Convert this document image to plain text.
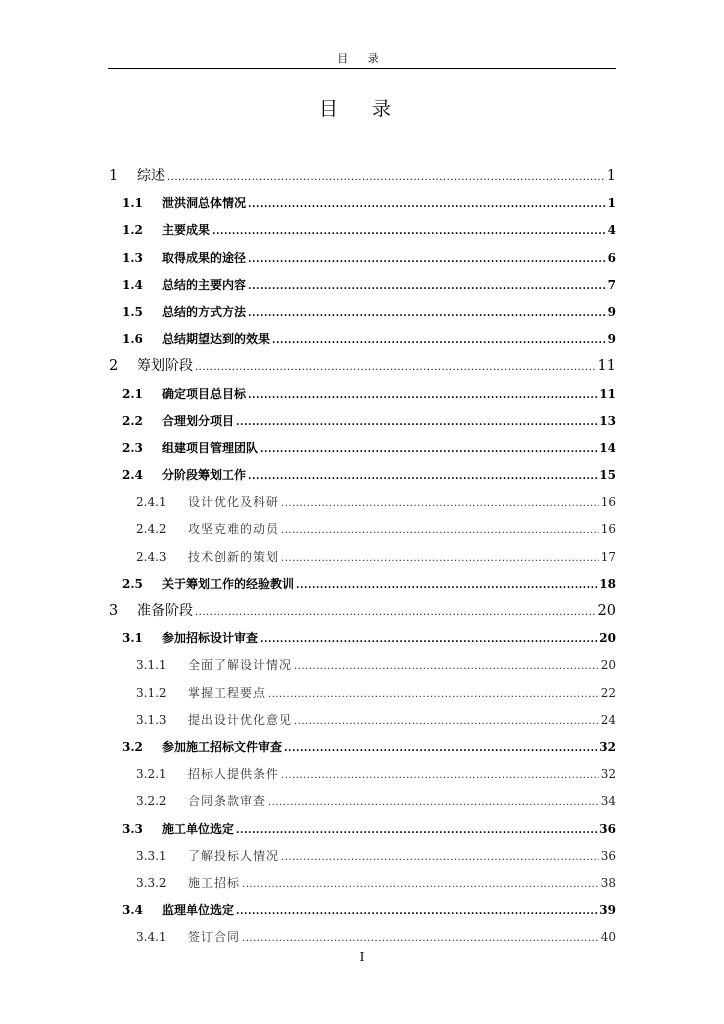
目 录
目 录
1	综述 .....	1
1.1	泄洪洞总体情况 .....	1
1.2	主要成果 .....	4
1.3	取得成果的途径 .....	6
1.4	总结的主要内容 .....	7
1.5	总结的方式方法 .....	9
1.6	总结期望达到的效果 .....	9
2	筹划阶段 .....	11
2.1	确定项目总目标 .....	11
2.2	合理划分项目 .....	13
2.3	组建项目管理团队 .....	14
2.4	分阶段筹划工作 .....	15
2.4.1	设计优化及科研 .....	16
2.4.2	攻坚克难的动员 .....	16
2.4.3	技术创新的策划 .....	17
2.5	关于筹划工作的经验教训 .....	18
3	准备阶段 .....	20
3.1	参加招标设计审查 .....	20
3.1.1	全面了解设计情况 .....	20
3.1.2	掌握工程要点 .....	22
3.1.3	提出设计优化意见 .....	24
3.2	参加施工招标文件审查 .....	32
3.2.1	招标人提供条件 .....	32
3.2.2	合同条款审查 .....	34
3.3	施工单位选定 .....	36
3.3.1	了解投标人情况 .....	36
3.3.2	施工招标 .....	38
3.4	监理单位选定 .....	39
3.4.1	签订合同 .....	40
I
